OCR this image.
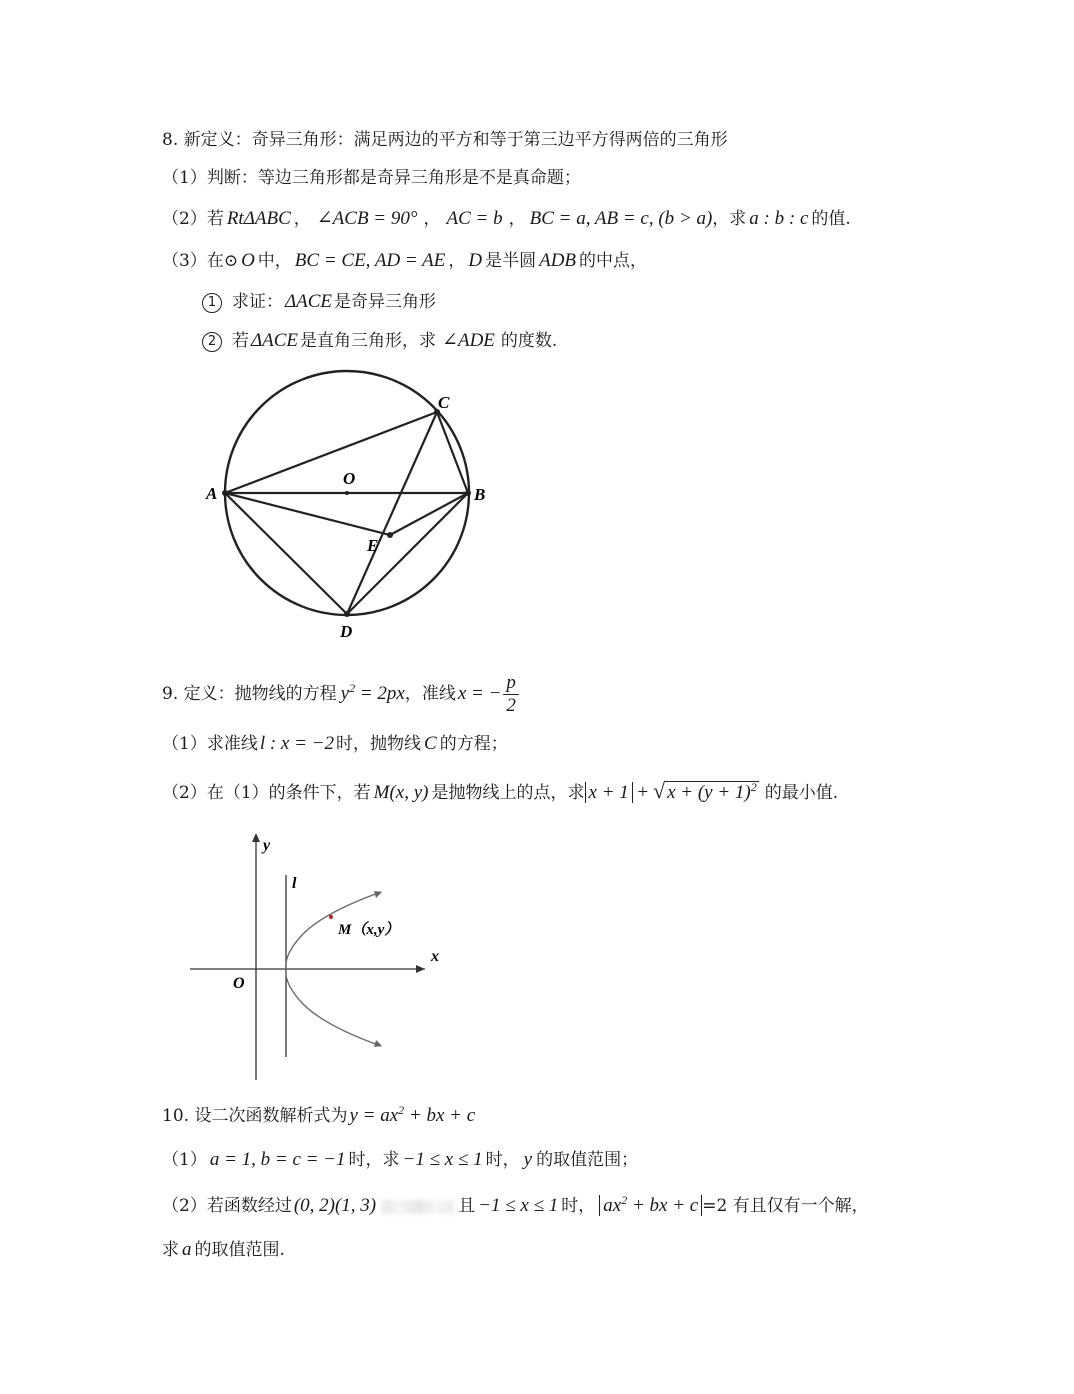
8. 新定义：奇异三角形：满足两边的平方和等于第三边平方得两倍的三角形
（1）判断：等边三角形都是奇异三角形是不是真命题；
（2）若 RtΔABC ， ∠ACB = 90° ， AC = b ， BC = a, AB = c, (b > a)，求 a : b : c 的值.
（3）在⊙ O 中， BC = CE, AD = AE ， D 是半圆 ADB 的中点，
1 求证： ΔACE 是奇异三角形
2 若 ΔACE 是直角三角形，求 ∠ADE 的度数.
A	B
C
D
E
O
9. 定义：抛物线的方程 $y^2 = 2px$，准线 x = − $\frac{p}{2}$
（1）求准线 l : x = −2 时，抛物线 C 的方程；
（2）在（1）的条件下，若 M(x, y) 是抛物线上的点，求 x + 1 + √ $x + (y + 1)^2$ 的最小值.
y
x
l
O
M（x,y）
10. 设二次函数解析式为 $y = ax^2$ + bx + c
（1） a = 1, b = c = −1 时，求 −1 ≤ x ≤ 1 时， y 的取值范围；
（2）若函数经过 (0, 2)(1, 3)	且 −1 ≤ x ≤ 1 时， $ax^2$ + bx + c =2 有且仅有一个解，
求 a 的取值范围.
